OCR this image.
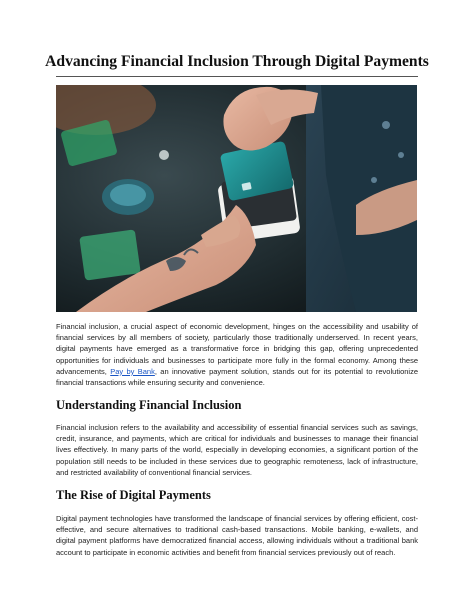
Advancing Financial Inclusion Through Digital Payments

Financial inclusion, a crucial aspect of economic development, hinges on the accessibility and usability of financial services by all members of society, particularly those traditionally underserved. In recent years, digital payments have emerged as a transformative force in bridging this gap, offering unprecedented opportunities for individuals and businesses to participate more fully in the formal economy. Among these advancements, Pay by Bank, an innovative payment solution, stands out for its potential to revolutionize financial transactions while ensuring security and convenience.

Understanding Financial Inclusion

Financial inclusion refers to the availability and accessibility of essential financial services such as savings, credit, insurance, and payments, which are critical for individuals and businesses to manage their financial lives effectively. In many parts of the world, especially in developing economies, a significant portion of the population still needs to be included in these services due to geographic remoteness, lack of infrastructure, and restricted availability of conventional financial services.

The Rise of Digital Payments

Digital payment technologies have transformed the landscape of financial services by offering efficient, cost-effective, and secure alternatives to traditional cash-based transactions. Mobile banking, e-wallets, and digital payment platforms have democratized financial access, allowing individuals without a traditional bank account to participate in economic activities and benefit from financial services previously out of reach.
